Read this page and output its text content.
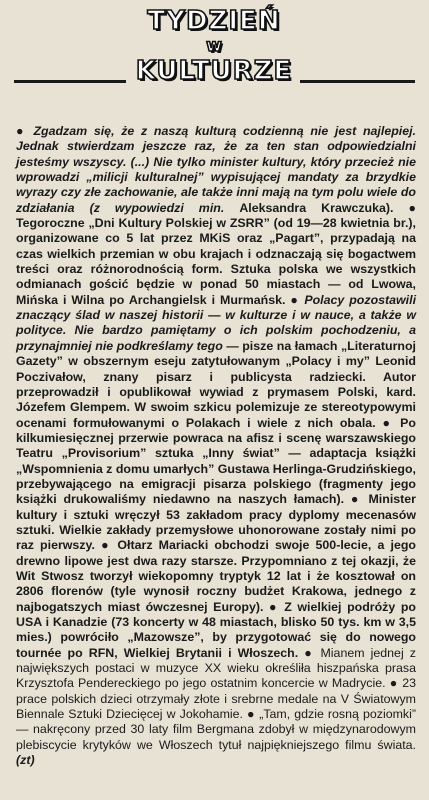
TYDZIEŃ
w
KULTURZE

● Zgadzam się, że z naszą kulturą codzienną nie jest najlepiej. Jednak stwierdzam jeszcze raz, że za ten stan odpowiedzialni jesteśmy wszyscy. (...) Nie tylko minister kultury, który przecież nie wprowadzi „milicji kulturalnej” wypisującej mandaty za brzydkie wyrazy czy złe zachowanie, ale także inni mają na tym polu wiele do zdziałania (z wypowiedzi min. Aleksandra Krawczuka). ● Tegoroczne „Dni Kultury Polskiej w ZSRR” (od 19—28 kwietnia br.), organizowane co 5 lat przez MKiS oraz „Pagart”, przypadają na czas wielkich przemian w obu krajach i odznaczają się bogactwem treści oraz różnorodnością form. Sztuka polska we wszystkich odmianach gościć będzie w ponad 50 miastach — od Lwowa, Mińska i Wilna po Archangielsk i Murmańsk. ● Polacy pozostawili znaczący ślad w naszej historii — w kulturze i w nauce, a także w polityce. Nie bardzo pamiętamy o ich polskim pochodzeniu, a przynajmniej nie podkreślamy tego — pisze na łamach „Literaturnoj Gazety” w obszernym eseju zatytułowanym „Polacy i my” Leonid Poczivałow, znany pisarz i publicysta radziecki. Autor przeprowadził i opublikował wywiad z prymasem Polski, kard. Józefem Glempem. W swoim szkicu polemizuje ze stereotypowymi ocenami formułowanymi o Polakach i wiele z nich obala. ● Po kilkumiesięcznej przerwie powraca na afisz i scenę warszawskiego Teatru „Provisorium” sztuka „Inny świat” — adaptacja książki „Wspomnienia z domu umarłych” Gustawa Herlinga-Grudzińskiego, przebywającego na emigracji pisarza polskiego (fragmenty jego książki drukowaliśmy niedawno na naszych łamach). ● Minister kultury i sztuki wręczył 53 zakładom pracy dyplomy mecenasów sztuki. Wielkie zakłady przemysłowe uhonorowane zostały nimi po raz pierwszy. ● Ołtarz Mariacki obchodzi swoje 500-lecie, a jego drewno lipowe jest dwa razy starsze. Przypomniano z tej okazji, że Wit Stwosz tworzył wiekopomny tryptyk 12 lat i że kosztował on 2806 florenów (tyle wynosił roczny budżet Krakowa, jednego z najbogatszych miast ówczesnej Europy). ● Z wielkiej podróży po USA i Kanadzie (73 koncerty w 48 miastach, blisko 50 tys. km w 3,5 mies.) powróciło „Mazowsze”, by przygotować się do nowego tournée po RFN, Wielkiej Brytanii i Włoszech. ● Mianem jednej z największych postaci w muzyce XX wieku określiła hiszpańska prasa Krzysztofa Pendereckiego po jego ostatnim koncercie w Madrycie. ● 23 prace polskich dzieci otrzymały złote i srebrne medale na V Światowym Biennale Sztuki Dziecięcej w Jokohamie. ● „Tam, gdzie rosną poziomki” — nakręcony przed 30 laty film Bergmana zdobył w międzynarodowym plebiscycie krytyków we Włoszech tytuł najpiękniejszego filmu świata. (zt)
